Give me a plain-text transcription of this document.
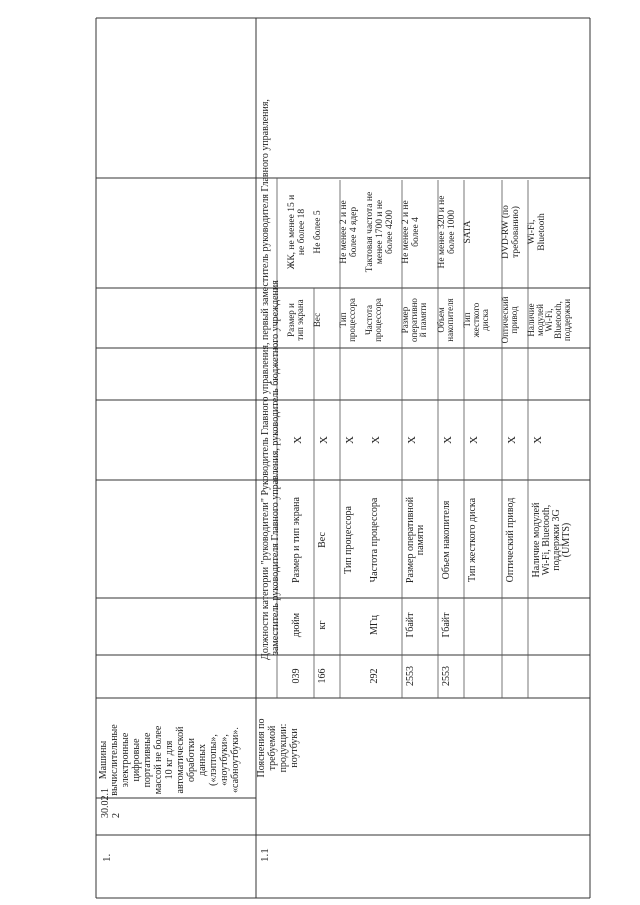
1.
30.02.1 2
Машины вычислительные электронные цифровые портативные массой не более 10 кг для автоматической обработки данных («лэптопы», «ноутбуки», «сабноутбуки».
1.1
Пояснения по требуемой продукции: ноутбуки
Должности категории "руководители" Руководитель Главного управления, первый заместитель руководителя Главного управления, заместитель руководителя Главного управления, руководитель бюджетного учреждения
039
дюйм
Размер и тип экрана
X
Размер и тип экрана
ЖК, не менее 15 и не более 18
166
кг
Вес
X
Вес
Не более 5
Тип процессора
X
Тип процессора
Не менее 2 и не более 4 ядер
292
МГц
Частота процессора
X
Частота процессора
Тактовая частота не менее 1700 и не более 4200
2553
Гбайт
Размер оперативной памяти
X
Размер оперативно й памяти
Не менее 2 и не более 4
2553
Гбайт
Объем накопителя
X
Объем накопителя
Не менее 320 и не более 1000
Тип жесткого диска
X
Тип жесткого диска
SATA
Оптический привод
X
Оптический привод
DVD-RW (по требованию)
Наличие модулей Wi-Fi, Bluetooth, поддержки 3G (UMTS)
X
Наличие модулей Wi-Fi, Bluetooth, поддержки
Wi-Fi, Bluetooth
